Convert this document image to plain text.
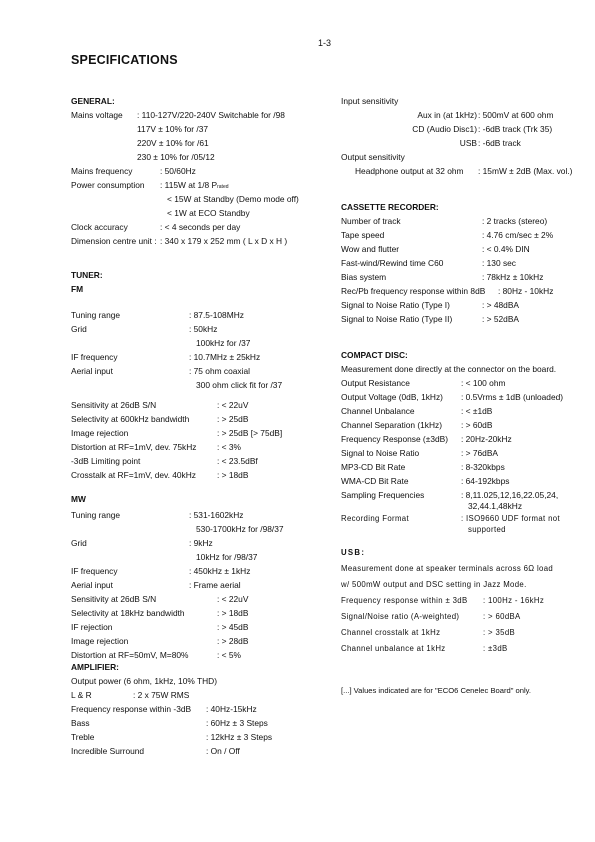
1-3
SPECIFICATIONS
GENERAL:
Mains voltage : 110-127V/220-240V Switchable for /98
117V ± 10% for /37
220V ± 10% for /61
230 ± 10% for /05/12
Mains frequency	: 50/60Hz
Power consumption : 115W at 1/8 Prated
< 15W at Standby (Demo mode off)
< 1W at ECO Standby
Clock accuracy	: < 4 seconds per day
Dimension centre unit : : 340 x 179 x 252 mm ( L x D x H )
TUNER:
FM
Tuning range	: 87.5-108MHz
Grid	: 50kHz
100kHz for /37
IF frequency	: 10.7MHz ± 25kHz
Aerial input	: 75 ohm coaxial
300 ohm click fit for /37
Sensitivity at 26dB S/N	: < 22uV
Selectivity at 600kHz bandwidth	: > 25dB
Image rejection	: > 25dB [> 75dB]
Distortion at RF=1mV, dev. 75kHz : < 3%
-3dB Limiting point	: < 23.5dBf
Crosstalk at RF=1mV, dev. 40kHz	: > 18dB
MW
Tuning range	: 531-1602kHz
530-1700kHz for /98/37
Grid	: 9kHz
10kHz for /98/37
IF frequency	: 450kHz ± 1kHz
Aerial input	: Frame aerial
Sensitivity at 26dB S/N	: < 22uV
Selectivity at 18kHz bandwidth	: > 18dB
IF rejection	: > 45dB
Image rejection	: > 28dB
Distortion at RF=50mV, M=80%	: < 5%
AMPLIFIER:
Output power (6 ohm, 1kHz, 10% THD)
L & R	: 2 x 75W RMS
Frequency response within -3dB : 40Hz-15kHz
Bass	: 60Hz ± 3 Steps
Treble	: 12kHz ± 3 Steps
Incredible Surround	: On / Off
Input sensitivity
Aux in (at 1kHz) : 500mV at 600 ohm
CD (Audio Disc1) : -6dB track (Trk 35)
USB : -6dB track
Output sensitivity
Headphone output at 32 ohm : 15mW ± 2dB (Max. vol.)
CASSETTE RECORDER:
Number of track	: 2 tracks (stereo)
Tape speed	: 4.76 cm/sec ± 2%
Wow and flutter	: < 0.4% DIN
Fast-wind/Rewind time C60	: 130 sec
Bias system	: 78kHz ± 10kHz
Rec/Pb frequency response within 8dB : 80Hz - 10kHz
Signal to Noise Ratio (Type I)	: > 48dBA
Signal to Noise Ratio (Type II)	: > 52dBA
COMPACT DISC:
Measurement done directly at the connector on the board.
Output Resistance	: < 100 ohm
Output Voltage (0dB, 1kHz) : 0.5Vrms ± 1dB (unloaded)
Channel Unbalance	: < ±1dB
Channel Separation (1kHz) : > 60dB
Frequency Response (±3dB) : 20Hz-20kHz
Signal to Noise Ratio	: > 76dBA
MP3-CD Bit Rate	: 8-320kbps
WMA-CD Bit Rate	: 64-192kbps
Sampling Frequencies	: 8,11.025,12,16,22.05,24,
32,44.1,48kHz
Recording Format	: ISO9660 UDF format not
supported
USB:
Measurement done at speaker terminals across 6Ω load
w/ 500mW output and DSC setting in Jazz Mode.
Frequency response within ± 3dB : 100Hz - 16kHz
Signal/Noise ratio (A-weighted)	: > 60dBA
Channel crosstalk at 1kHz	: > 35dB
Channel unbalance at 1kHz	: ±3dB
[...] Values indicated are for "ECO6 Cenelec Board" only.
